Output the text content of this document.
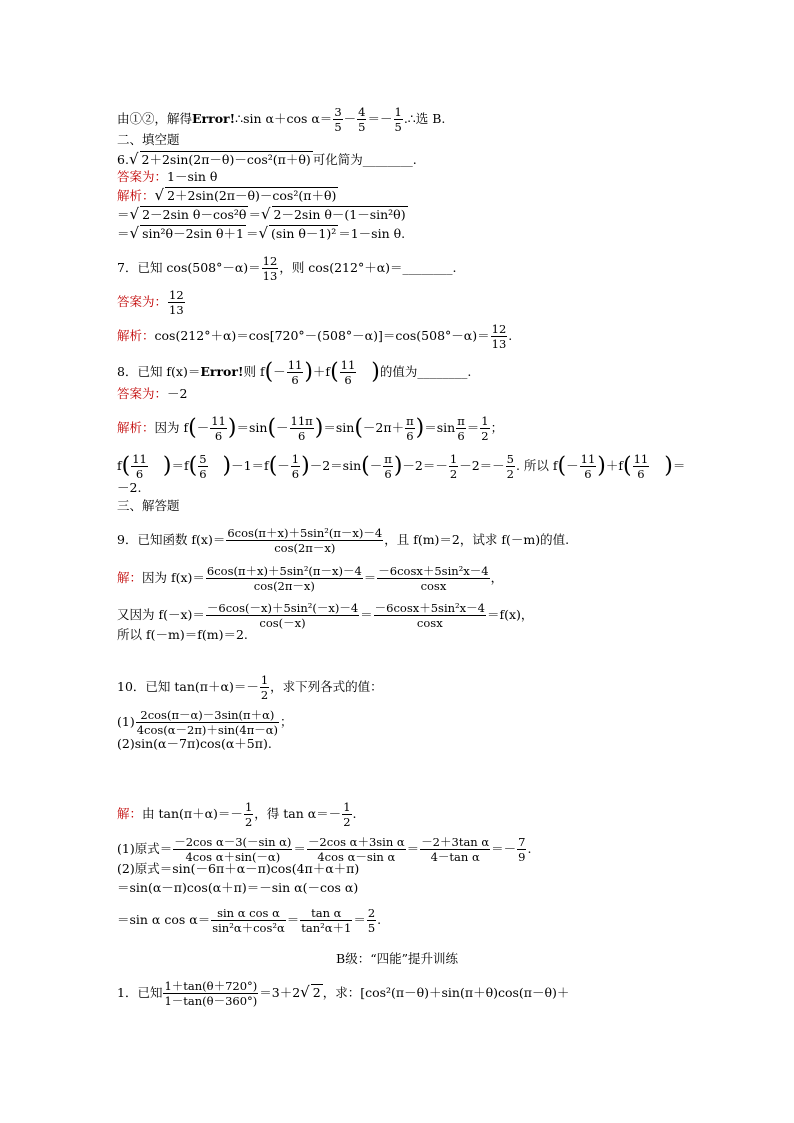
由①②，解得Error!∴sin α＋cos $\alpha= \frac{3}{5} - \frac{4}{5} =- \frac{1}{5}$ .∴选 B.
二、填空题
6.√ 2＋2sin(2π－θ)－cos²(π＋θ) 可化简为________.
答案为：1－sin θ
解析：√ 2＋2sin(2π－θ)－cos²(π＋θ)
＝√ 2－2sin θ－cos²θ ＝√ 2－2sin θ－(1－sin²θ)
＝√ sin²θ－2sin θ＋1 ＝√ (sin θ－1)² ＝1－sin θ.
7．已知 $\cos(508^\circ-\alpha)= \frac{12}{13}$ ，则 cos(212°＋α)＝________.
答案为： $\frac{12}{13}$
解析：$\cos(212^\circ+\alpha)=\cos[720^\circ-(508^\circ-\alpha)]=\cos(508^\circ-\alpha)= \frac{12}{13}$ .
8．已知 f(x)＝Error!则 $f(- \frac{11}{6} )+f( \frac{11}{6}$ )的值为________.
答案为：－2
解析：因为 $f(- \frac{11}{6} )=\sin(- \frac{11\pi}{6} )=\sin(-2\pi+ \frac{\pi}{6} )=\sin \frac{\pi}{6} = \frac{1}{2}$ ；
$f( \frac{11}{6} )=f( \frac{5}{6} )-1=f(- \frac{1}{6} )-2=\sin(- \frac{\pi}{6} )-2=- \frac{1}{2} -2=- \frac{5}{2}$ . 所以 $f(- \frac{11}{6} )+f( \frac{11}{6}$ )＝
－2.
三、解答题
9．已知函数 $f(x)= \frac{\text{6cos(π＋x)＋5sin²(π－x)－4}}{\cos(2\pi-x)}$ ，且 f(m)＝2，试求 f(－m)的值.
解：因为 $f(x)= \frac{\text{6cos(π＋x)＋5sin²(π－x)－4}}{\cos(2\pi-x)} = \frac{\text{－6cosx＋5sin²x－4}}{\cos x}$ ，
又因为 $f(-x)= \frac{\text{－6cos(－x)＋5sin²(－x)－4}}{\cos(-x)} = \frac{\text{－6cosx＋5sin²x－4}}{\cos x} =f(x)$，
所以 f(－m)＝f(m)＝2.
10．已知 $\tan(\pi+\alpha)=- \frac{1}{2}$ ，求下列各式的值：
$(1) \frac{2\cos(\pi-\alpha)-3\sin(\pi+\alpha)}{4\cos(\alpha-2\pi)+\sin(4\pi-\alpha)}$ ；
(2)sin(α－7π)cos(α＋5π).
解：由 $\tan(\pi+\alpha)=- \frac{1}{2}$ ，得 $\tan \alpha=- \frac{1}{2}$ .
(1)原式＝ $\frac{\text{－2cos α－3(－sin α)}}{\text{4cos α＋sin(－α)}} = \frac{\text{－2cos α＋3sin α}}{\text{4cos α－sin α}} = \frac{\text{－2＋3tan α}}{\text{4－tan α}} =- \frac{7}{9}$ .
(2)原式＝sin(－6π＋α－π)cos(4π＋α＋π)
＝sin(α－π)cos(α＋π)＝－sin α(－cos α)
＝sin α $\cos \alpha= \frac{\text{sin α cos α}}{\text{sin²α＋cos²α}} = \frac{\text{tan α}}{\text{tan²α＋1}} = \frac{2}{5}$ .
B级：“四能”提升训练
1．已知 $\frac{1+\tan(\theta+720^\circ)}{1-\tan(\theta-360^\circ)} =3+2√$ 2 ，求：[cos²(π－θ)＋sin(π＋θ)cos(π－θ)＋
